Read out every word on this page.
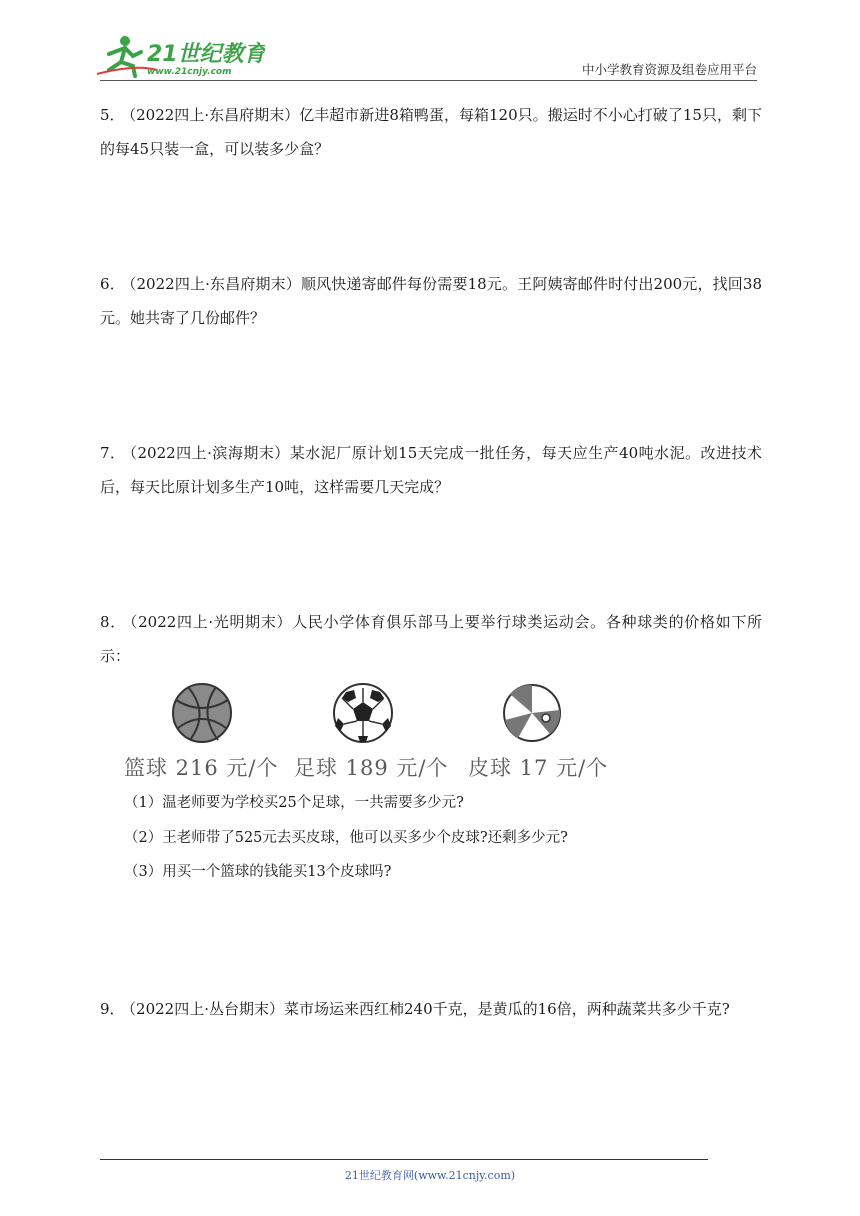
21世纪教育
www.21cnjy.com	中小学教育资源及组卷应用平台
5． （2022四上·东昌府期末）亿丰超市新进8箱鸭蛋，每箱120只。搬运时不小心打破了15只，剩下的每45只装一盒，可以装多少盒？
6． （2022四上·东昌府期末）顺风快递寄邮件每份需要18元。王阿姨寄邮件时付出200元，找回38元。她共寄了几份邮件？
7． （2022四上·滨海期末）某水泥厂原计划15天完成一批任务，每天应生产40吨水泥。改进技术后，每天比原计划多生产10吨，这样需要几天完成？
8． （2022四上·光明期末）人民小学体育俱乐部马上要举行球类运动会。各种球类的价格如下所示：
篮球 216 元/个 足球 189 元/个 皮球 17 元/个
（1）温老师要为学校买25个足球，一共需要多少元?
（2）王老师带了525元去买皮球，他可以买多少个皮球?还剩多少元?
（3）用买一个篮球的钱能买13个皮球吗?
9． （2022四上·丛台期末）菜市场运来西红柿240千克，是黄瓜的16倍，两种蔬菜共多少千克?
21世纪教育网(www.21cnjy.com)
